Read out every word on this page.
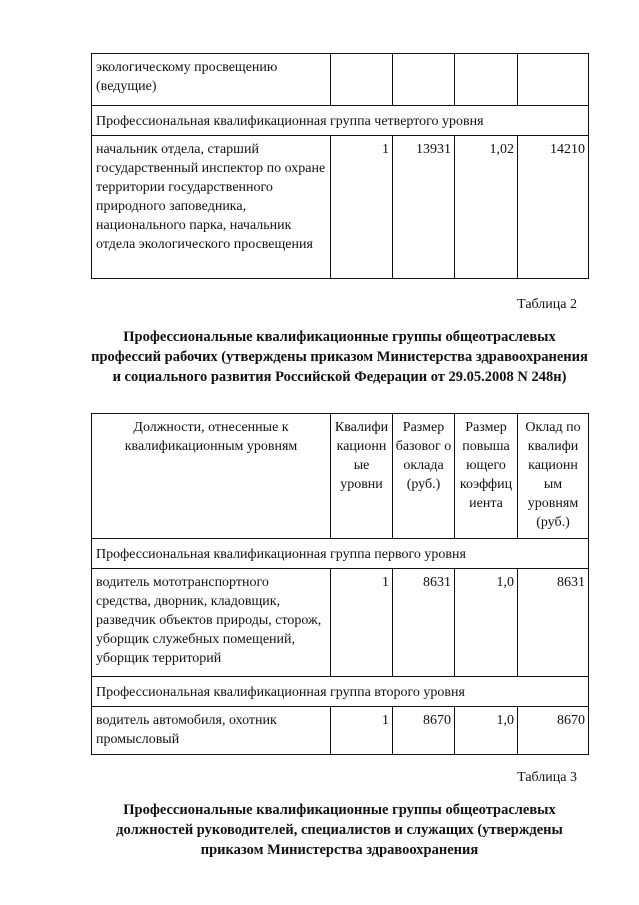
экологическому просвещению (ведущие)				
Профессиональная квалификационная группа четвертого уровня				
начальник отдела, старший государственный инспектор по охране территории государственного природного заповедника, национального парка, начальник отдела экологического просвещения	1	13931	1,02	14210
Таблица 2
Профессиональные квалификационные группы общеотраслевых профессий рабочих (утверждены приказом Министерства здравоохранения и социального развития Российской Федерации от 29.05.2008 N 248н)
Должности, отнесенные к квалификационным уровням	Квалифи кационн ые уровни	Размер базовог о оклада (руб.)	Размер повыша ющего коэффиц иента	Оклад по квалифи кационн ым уровням (руб.)
Профессиональная квалификационная группа первого уровня				
водитель мототранспортного средства, дворник, кладовщик, разведчик объектов природы, сторож, уборщик служебных помещений, уборщик территорий	1	8631	1,0	8631
Профессиональная квалификационная группа второго уровня				
водитель автомобиля, охотник промысловый	1	8670	1,0	8670
Таблица 3
Профессиональные квалификационные группы общеотраслевых должностей руководителей, специалистов и служащих (утверждены приказом Министерства здравоохранения
